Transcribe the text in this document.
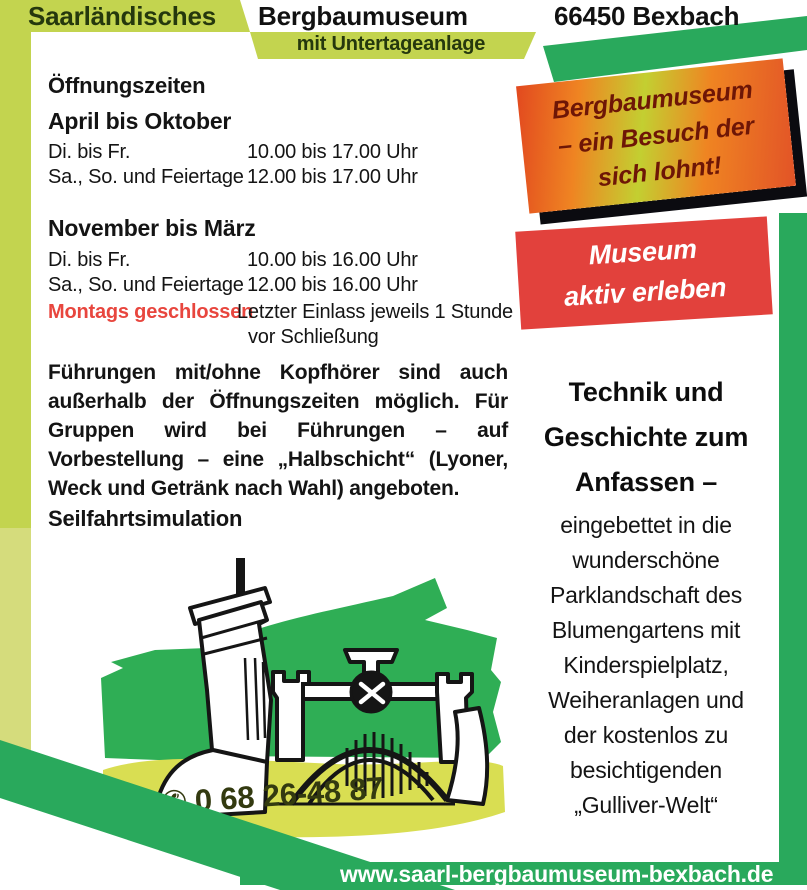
Saarländisches Bergbaumuseum	66450 Bexbach
mit Untertageanlage
Öffnungszeiten
April bis Oktober
Di. bis Fr.	10.00 bis 17.00 Uhr
Sa., So. und Feiertage 12.00 bis 17.00 Uhr
November bis März
Di. bis Fr.	10.00 bis 16.00 Uhr
Sa., So. und Feiertage 12.00 bis 16.00 Uhr
Montags geschlossen
Letzter Einlass jeweils 1 Stunde
vor Schließung
Führungen mit/ohne Kopfhörer sind auch außerhalb der Öffnungszeiten möglich. Für Gruppen wird bei Führungen – auf Vorbestellung – eine „Halbschicht“ (Lyoner, Weck und Getränk nach Wahl) angeboten.
Seilfahrtsimulation
0 68 26-48 87
Bergbaumuseum
– ein Besuch der
sich lohnt!
Museum
aktiv erleben
Technik und
Geschichte zum
Anfassen –
eingebettet in die
wunderschöne
Parklandschaft des
Blumengartens mit
Kinderspielplatz,
Weiheranlagen und
der kostenlos zu
besichtigenden
„Gulliver-Welt“
www.saarl-bergbaumuseum-bexbach.de
